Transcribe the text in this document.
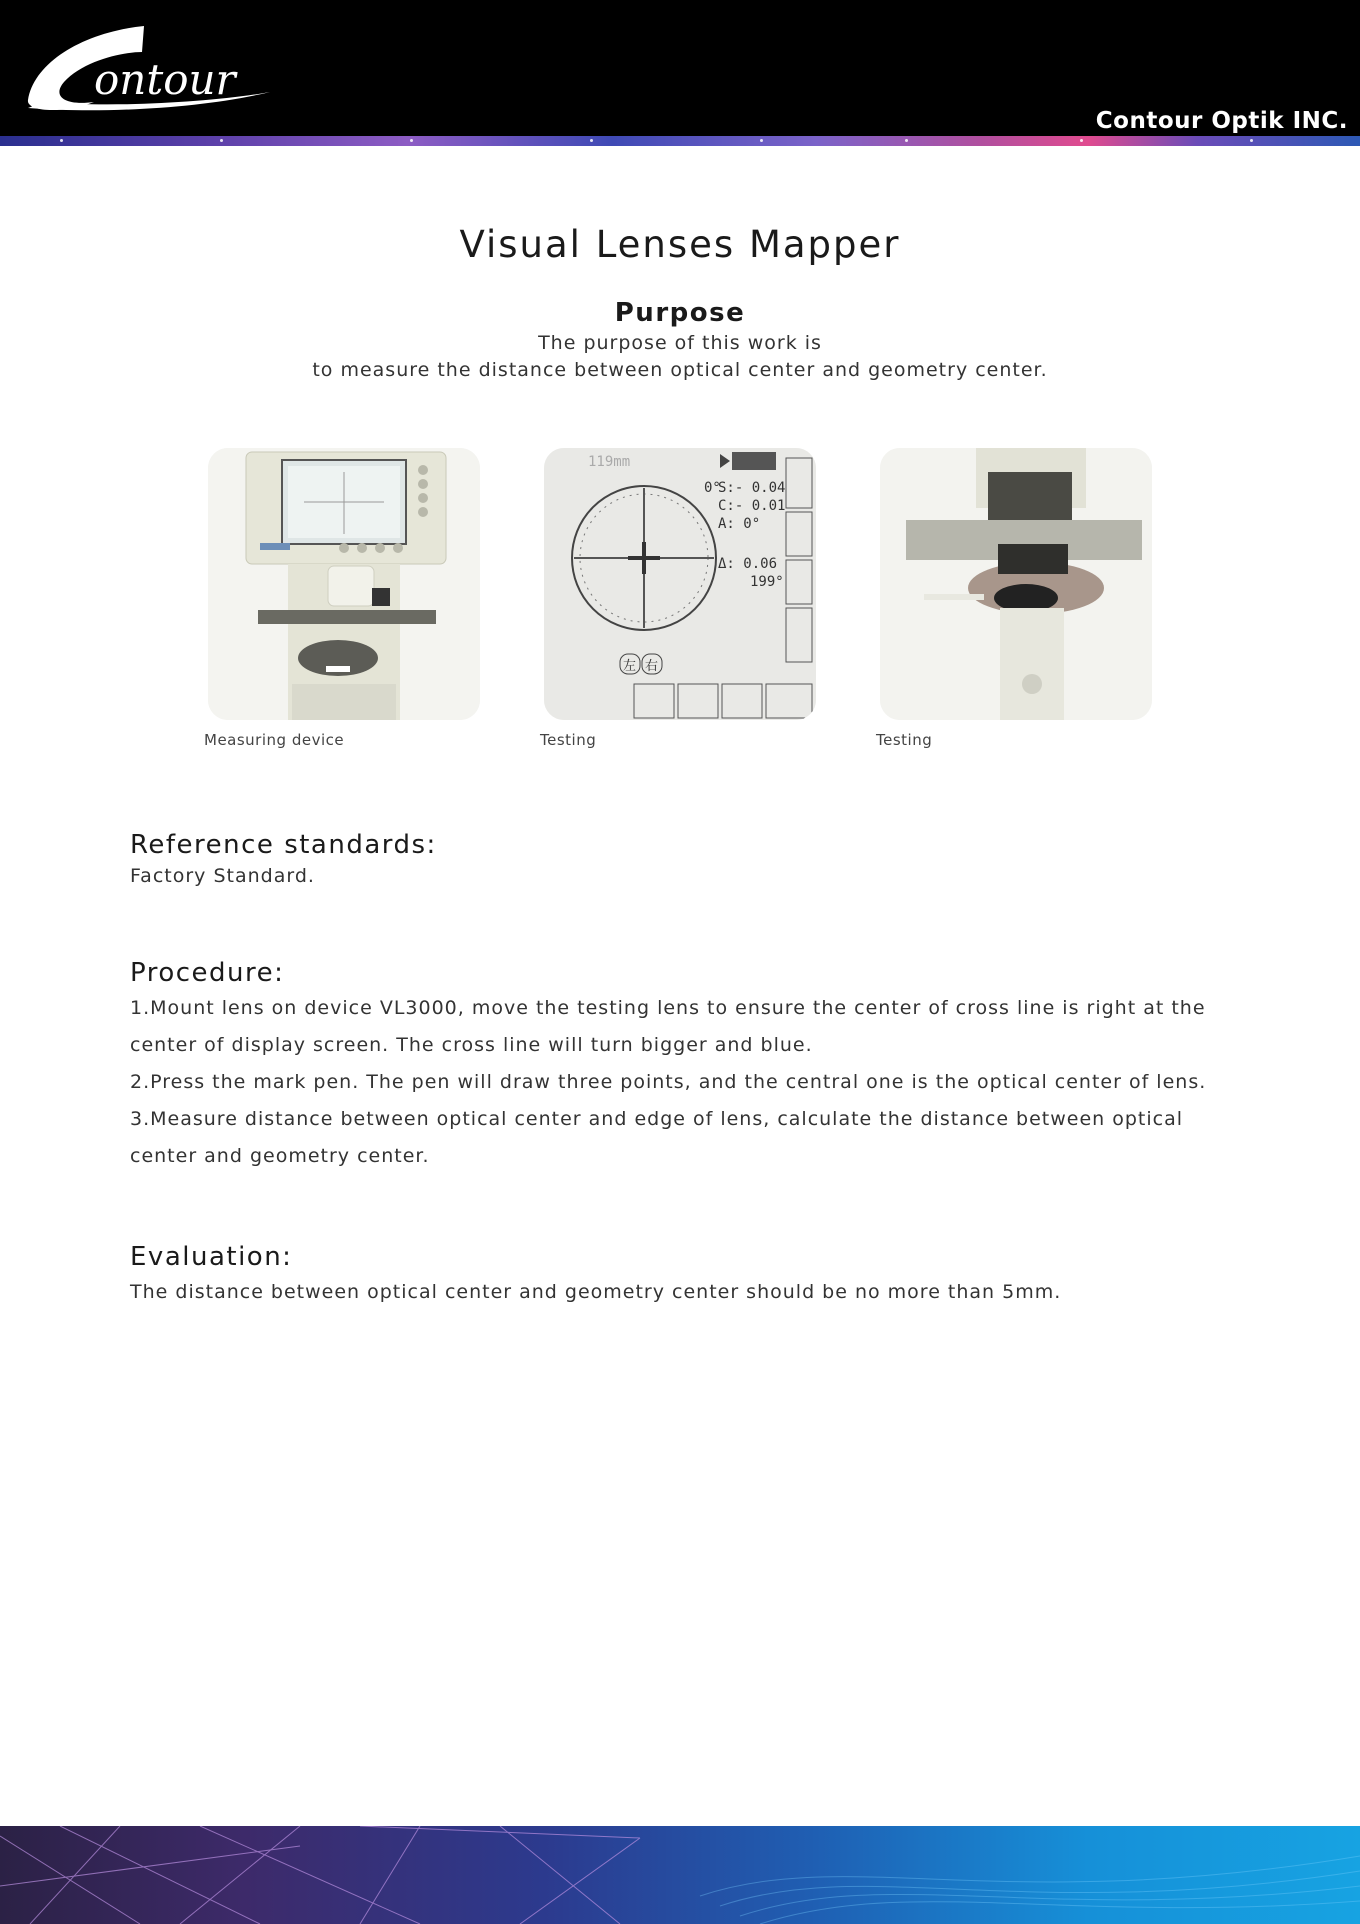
ontour
Contour Optik INC.
Visual Lenses Mapper
Purpose
The purpose of this work is
to measure the distance between optical center and geometry center.
Measuring device
119mm
0°
S:- 0.04
C:- 0.01
A: 0°
Δ: 0.06
199°
左 右
Testing	Testing
Reference standards:

Factory Standard.

Procedure:

1.Mount lens on device VL3000, move the testing lens to ensure the center of cross line is right at the center of display screen. The cross line will turn bigger and blue.

2.Press the mark pen. The pen will draw three points, and the central one is the optical center of lens.

3.Measure distance between optical center and edge of lens, calculate the distance between optical center and geometry center.

Evaluation:

The distance between optical center and geometry center should be no more than 5mm.
